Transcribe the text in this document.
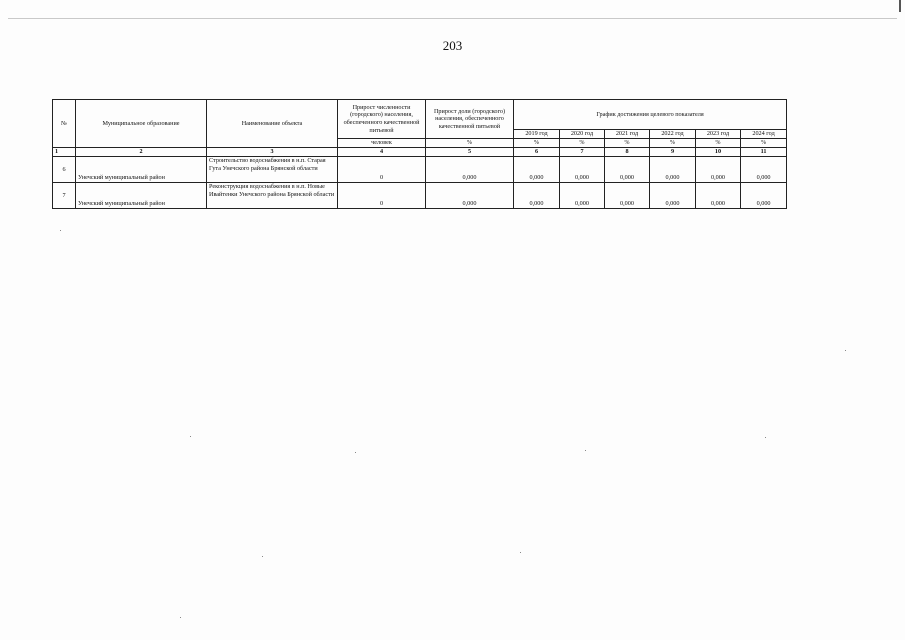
203
№	Муниципальное образование	Наименование объекта	Прирост численности (городского) населения, обеспеченного качественной питьевой	Прирост доли (городского) населения, обеспеченного качественной питьевой	График достижения целевого показателя					
					2019 год	2020 год	2021 год	2022 год	2023 год	2024 год
			человек	%	%	%	%	%	%	%
1	2	3	4	5	6	7	8	9	10	11
6	Унечский муниципальный район	Строительство водоснабжения в н.п. Старая Гута Унечского района Брянской области	0	0,000	0,000	0,000	0,000	0,000	0,000	0,000
7	Унечский муниципальный район	Реконструкция водоснабжения в н.п. Новые Ивайтенки Унечского района Брянской области	0	0,000	0,000	0,000	0,000	0,000	0,000	0,000
